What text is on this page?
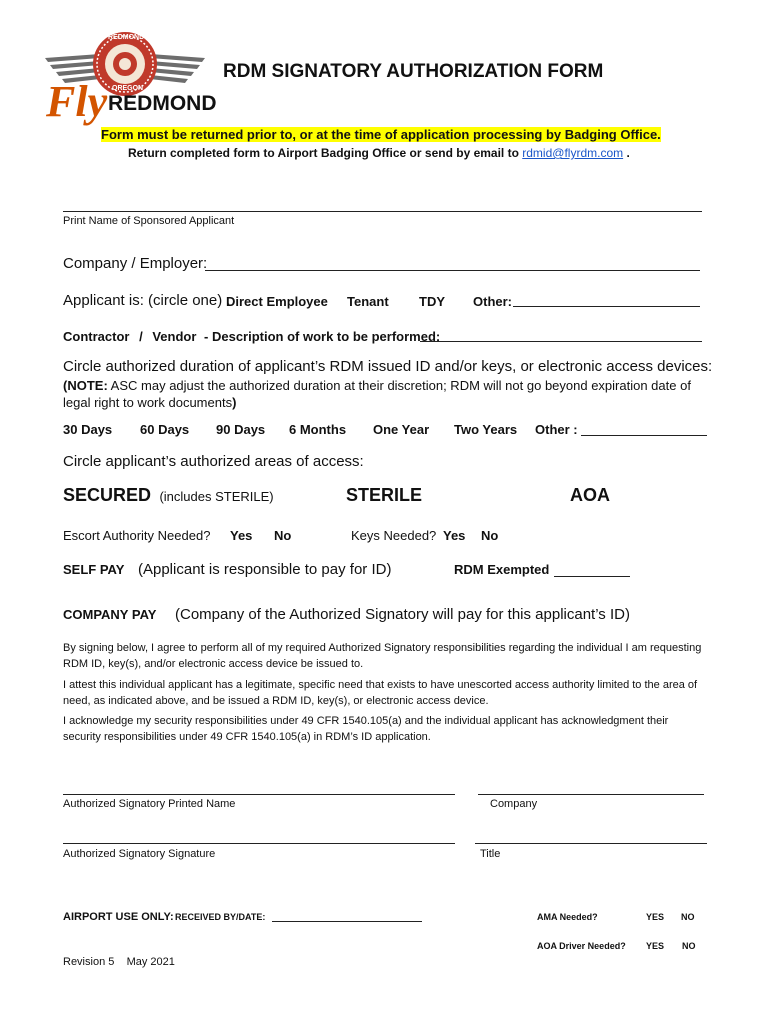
REDMOND
OREGON
Fly REDMOND
RDM SIGNATORY AUTHORIZATION FORM
Form must be returned prior to, or at the time of application processing by Badging Office.
Return completed form to Airport Badging Office or send by email to rdmid@flyrdm.com .
Print Name of Sponsored Applicant
Company / Employer:
Applicant is: (circle one) :
Direct Employee Tenant TDY Other:
Contractor / Vendor - Description of work to be performed:
Circle authorized duration of applicant’s RDM issued ID and/or keys, or electronic access devices:
(NOTE: ASC may adjust the authorized duration at their discretion; RDM will not go beyond expiration date of
legal right to work documents)
30 Days 60 Days 90 Days 6 Months One Year Two Years Other :
Circle applicant’s authorized areas of access:
SECURED (includes STERILE)	STERILE	AOA
Escort Authority Needed? Yes No	Keys Needed? Yes No
SELF PAY (Applicant is responsible to pay for ID)	RDM Exempted
COMPANY PAY (Company of the Authorized Signatory will pay for this applicant’s ID)
By signing below, I agree to perform all of my required Authorized Signatory responsibilities regarding the individual I am requesting RDM ID, key(s), and/or electronic access device be issued to.
I attest this individual applicant has a legitimate, specific need that exists to have unescorted access authority limited to the area of need, as indicated above, and be issued a RDM ID, key(s), or electronic access device.
I acknowledge my security responsibilities under 49 CFR 1540.105(a) and the individual applicant has acknowledgment their security responsibilities under 49 CFR 1540.105(a) in RDM’s ID application.
Authorized Signatory Printed Name	Company
Authorized Signatory Signature	Title
AIRPORT USE ONLY: RECEIVED BY/DATE:	AMA Needed?	YES NO
AOA Driver Needed? YES NO
Revision 5    May 2021
